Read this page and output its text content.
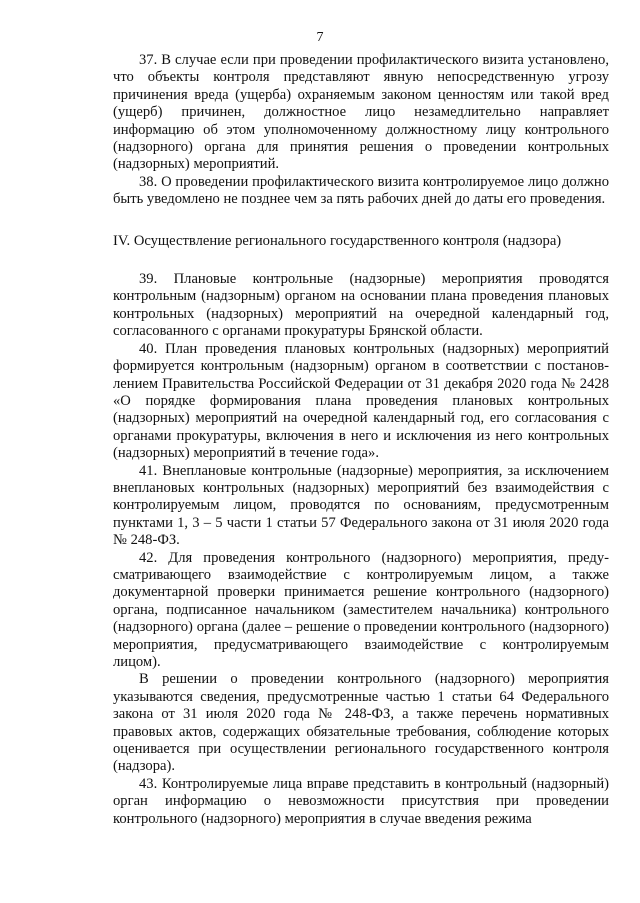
7

37. В случае если при проведении профилактического визита установлено, что объекты контроля представляют явную непосредственную угрозу причинения вреда (ущерба) охраняемым законом ценностям или такой вред (ущерб) причинен, должностное лицо незамедлительно направляет информацию об этом уполномоченному должностному лицу контрольного (надзорного) органа для принятия решения о проведении контрольных (надзорных) мероприятий.

38. О проведении профилактического визита контролируемое лицо должно быть уведомлено не позднее чем за пять рабочих дней до даты его проведения.

IV. Осуществление регионального государственного контроля (надзора)

39. Плановые контрольные (надзорные) мероприятия проводятся контрольным (надзорным) органом на основании плана проведения плановых контрольных (надзорных) мероприятий на очередной календарный год, согласованного с органами прокуратуры Брянской области.

40. План проведения плановых контрольных (надзорных) мероприятий формируется контрольным (надзорным) органом в соответствии с постановлением Правительства Российской Федерации от 31 декабря 2020 года № 2428 «О порядке формирования плана проведения плановых контрольных (надзорных) мероприятий на очередной календарный год, его согласования с органами прокуратуры, включения в него и исключения из него контрольных (надзорных) мероприятий в течение года».

41. Внеплановые контрольные (надзорные) мероприятия, за исключением внеплановых контрольных (надзорных) мероприятий без взаимодействия с контролируемым лицом, проводятся по основаниям, предусмотренным пунктами 1, 3 – 5 части 1 статьи 57 Федерального закона от 31 июля 2020 года № 248-ФЗ.

42. Для проведения контрольного (надзорного) мероприятия, предусматривающего взаимодействие с контролируемым лицом, а также документарной проверки принимается решение контрольного (надзорного) органа, подписанное начальником (заместителем начальника) контрольного (надзорного) органа (далее – решение о проведении контрольного (надзорного) мероприятия, предусматривающего взаимодействие с контролируемым лицом).

В решении о проведении контрольного (надзорного) мероприятия указываются сведения, предусмотренные частью 1 статьи 64 Федерального закона от 31 июля 2020 года № 248-ФЗ, а также перечень нормативных правовых актов, содержащих обязательные требования, соблюдение которых оценивается при осуществлении регионального государственного контроля (надзора).

43. Контролируемые лица вправе представить в контрольный (надзорный) орган информацию о невозможности присутствия при проведении контрольного (надзорного) мероприятия в случае введения режима
